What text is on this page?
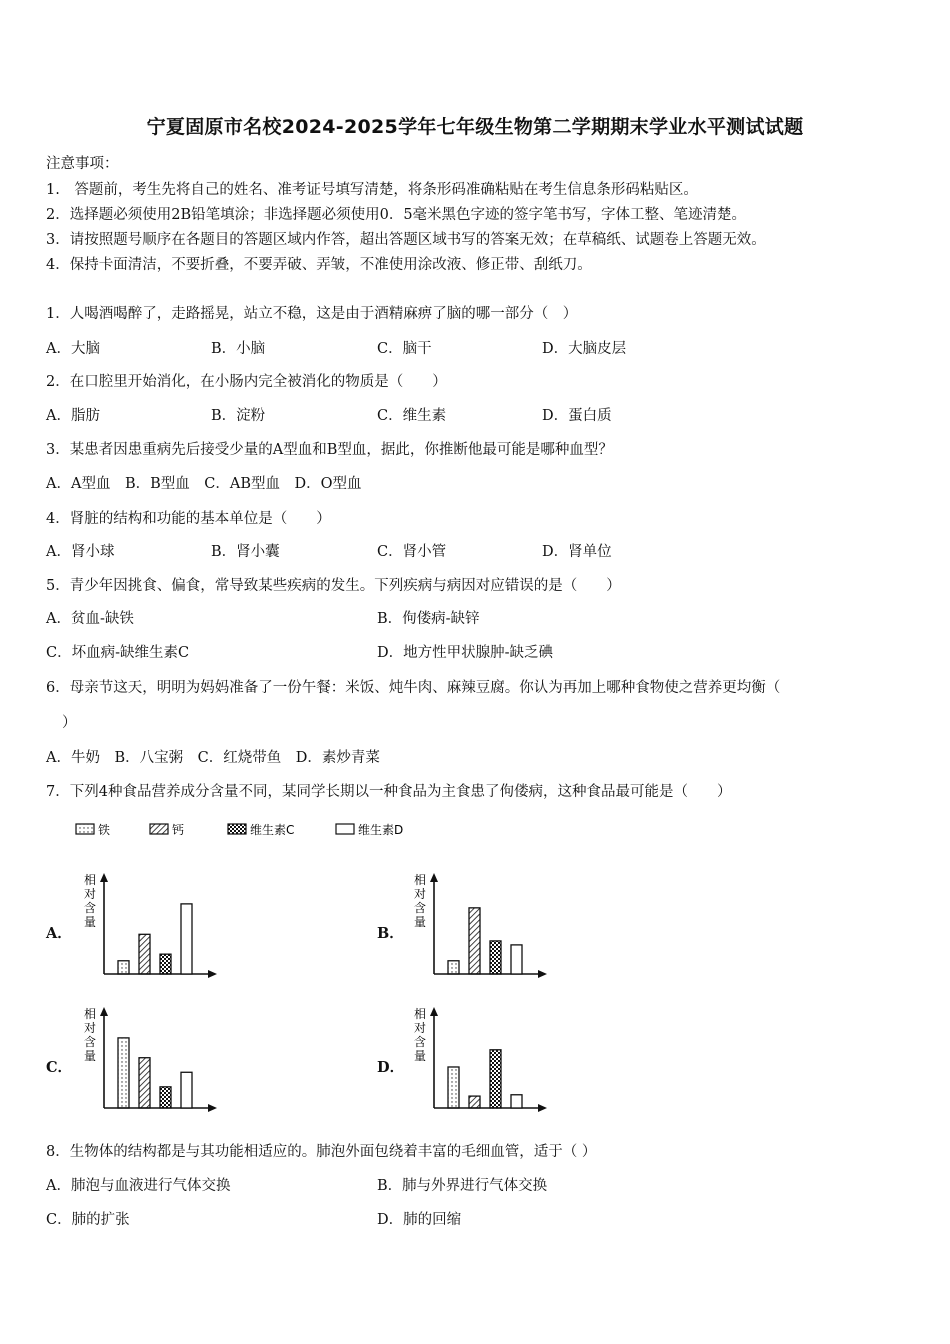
宁夏固原市名校2024-2025学年七年级生物第二学期期末学业水平测试试题
注意事项：
1.　答题前，考生先将自己的姓名、准考证号填写清楚，将条形码准确粘贴在考生信息条形码粘贴区。
2．选择题必须使用2B铅笔填涂；非选择题必须使用0．5毫米黑色字迹的签字笔书写，字体工整、笔迹清楚。
3．请按照题号顺序在各题目的答题区域内作答，超出答题区域书写的答案无效；在草稿纸、试题卷上答题无效。
4．保持卡面清洁，不要折叠，不要弄破、弄皱，不准使用涂改液、修正带、刮纸刀。
1．人喝酒喝醉了，走路摇晃，站立不稳，这是由于酒精麻痹了脑的哪一部分（　）
A．大脑	B．小脑	C．脑干	D．大脑皮层
2．在口腔里开始消化，在小肠内完全被消化的物质是（　　）
A．脂肪	B．淀粉	C．维生素	D．蛋白质
3．某患者因患重病先后接受少量的A型血和B型血，据此，你推断他最可能是哪种血型？
A．A型血　B．B型血　C．AB型血　D．O型血
4．肾脏的结构和功能的基本单位是（　　）
A．肾小球	B．肾小囊	C．肾小管	D．肾单位
5．青少年因挑食、偏食，常导致某些疾病的发生。下列疾病与病因对应错误的是（　　）
A．贫血-缺铁	B．佝偻病-缺锌
C．坏血病-缺维生素C	D．地方性甲状腺肿-缺乏碘
6．母亲节这天，明明为妈妈准备了一份午餐：米饭、炖牛肉、麻辣豆腐。你认为再加上哪种食物使之营养更均衡（
）
A．牛奶　B．八宝粥　C．红烧带鱼　D．素炒青菜
7．下列4种食品营养成分含量不同，某同学长期以一种食品为主食患了佝偻病，这种食品最可能是（　　）
铁	钙	维生素C	维生素D
A．	B．
C．	D．
相
对
含
量
相
对
含
量
相
对
含
量
相
对
含
量
8．生物体的结构都是与其功能相适应的。肺泡外面包绕着丰富的毛细血管，适于（ ）
A．肺泡与血液进行气体交换	B．肺与外界进行气体交换
C．肺的扩张	D．肺的回缩
